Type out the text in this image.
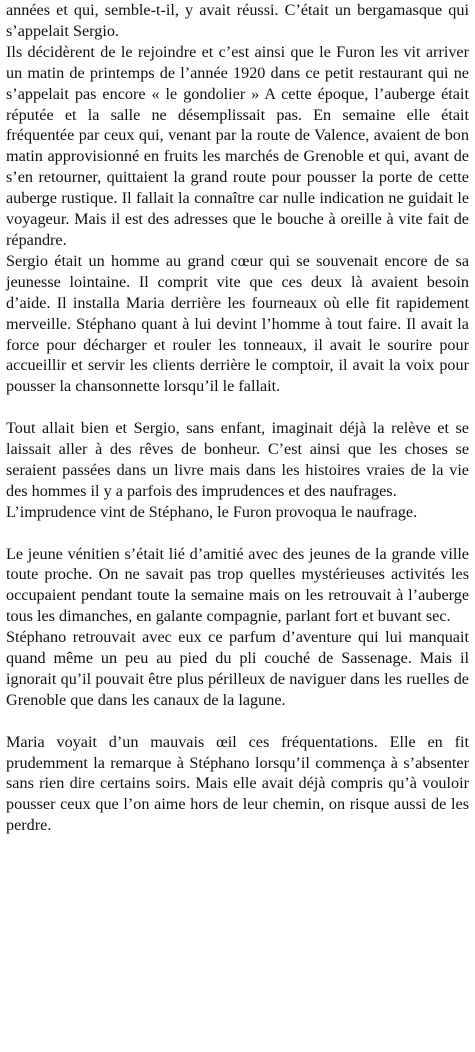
années et qui, semble-t-il, y avait réussi. C’était un bergamasque qui s’appelait Sergio.

Ils décidèrent de le rejoindre et c’est ainsi que le Furon les vit arriver un matin de printemps de l’année 1920 dans ce petit restaurant qui ne s’appelait pas encore « le gondolier » A cette époque, l’auberge était réputée et la salle ne désemplissait pas. En semaine elle était fréquentée par ceux qui, venant par la route de Valence, avaient de bon matin approvisionné en fruits les marchés de Grenoble et qui, avant de s’en retourner, quittaient la grand route pour pousser la porte de cette auberge rustique. Il fallait la connaître car nulle indication ne guidait le voyageur. Mais il est des adresses que le bouche à oreille à vite fait de répandre.

Sergio était un homme au grand cœur qui se souvenait encore de sa jeunesse lointaine. Il comprit vite que ces deux là avaient besoin d’aide. Il installa Maria derrière les fourneaux où elle fit rapidement merveille. Stéphano quant à lui devint l’homme à tout faire. Il avait la force pour décharger et rouler les tonneaux, il avait le sourire pour accueillir et servir les clients derrière le comptoir, il avait la voix pour pousser la chansonnette lorsqu’il le fallait.

Tout allait bien et Sergio, sans enfant, imaginait déjà la relève et se laissait aller à des rêves de bonheur. C’est ainsi que les choses se seraient passées dans un livre mais dans les histoires vraies de la vie des hommes il y a parfois des imprudences et des naufrages.

L’imprudence vint de Stéphano, le Furon provoqua le naufrage.

Le jeune vénitien s’était lié d’amitié avec des jeunes de la grande ville toute proche. On ne savait pas trop quelles mystérieuses activités les occupaient pendant toute la semaine mais on les retrouvait à l’auberge tous les dimanches, en galante compagnie, parlant fort et buvant sec.

Stéphano retrouvait avec eux ce parfum d’aventure qui lui manquait quand même un peu au pied du pli couché de Sassenage. Mais il ignorait qu’il pouvait être plus périlleux de naviguer dans les ruelles de Grenoble que dans les canaux de la lagune.

Maria voyait d’un mauvais œil ces fréquentations. Elle en fit prudemment la remarque à Stéphano lorsqu’il commença à s’absenter sans rien dire certains soirs. Mais elle avait déjà compris qu’à vouloir pousser ceux que l’on aime hors de leur chemin, on risque aussi de les perdre.
